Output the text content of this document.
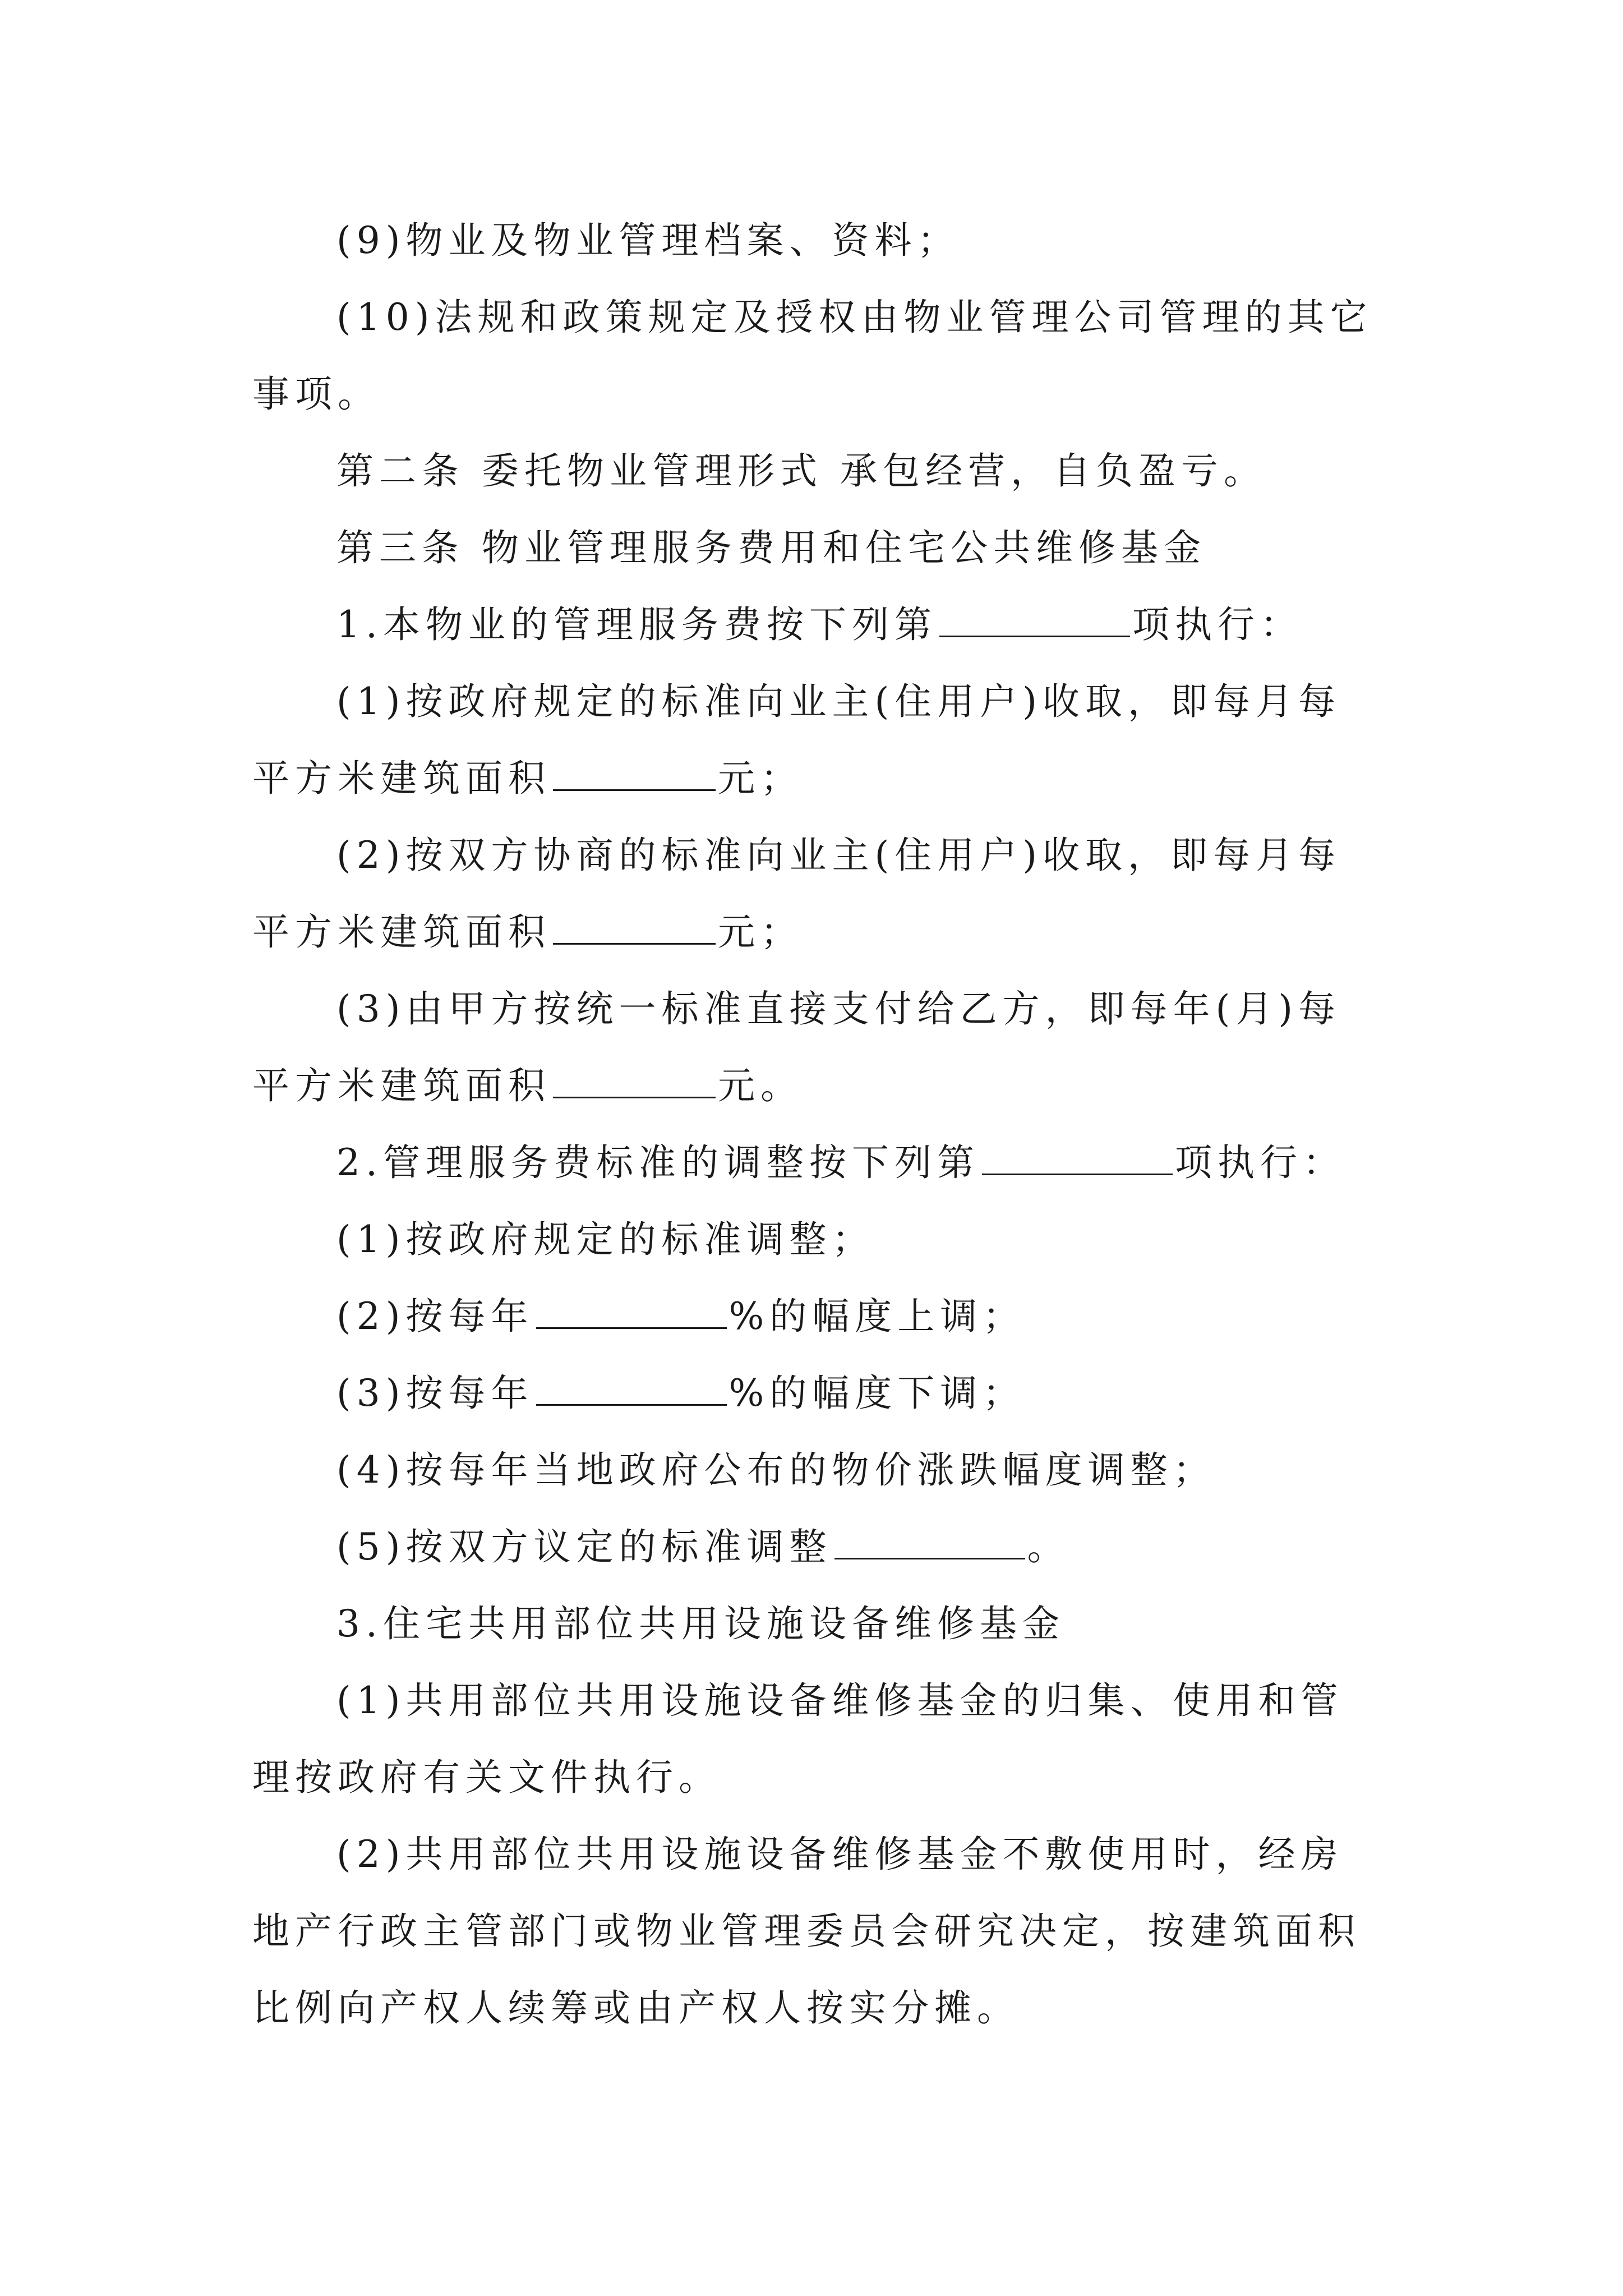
(9)物业及物业管理档案、资料；

(10)法规和政策规定及授权由物业管理公司管理的其它事项。

第二条 委托物业管理形式 承包经营，自负盈亏。

第三条 物业管理服务费用和住宅公共维修基金

1.本物业的管理服务费按下列第	项执行：

(1)按政府规定的标准向业主(住用户)收取，即每月每平方米建筑面积	元；

(2)按双方协商的标准向业主(住用户)收取，即每月每平方米建筑面积	元；

(3)由甲方按统一标准直接支付给乙方，即每年(月)每平方米建筑面积	元。

2.管理服务费标准的调整按下列第	项执行：

(1)按政府规定的标准调整；

(2)按每年	%的幅度上调；

(3)按每年	%的幅度下调；

(4)按每年当地政府公布的物价涨跌幅度调整；

(5)按双方议定的标准调整	。

3.住宅共用部位共用设施设备维修基金

(1)共用部位共用设施设备维修基金的归集、使用和管理按政府有关文件执行。

(2)共用部位共用设施设备维修基金不敷使用时，经房地产行政主管部门或物业管理委员会研究决定，按建筑面积比例向产权人续筹或由产权人按实分摊。
